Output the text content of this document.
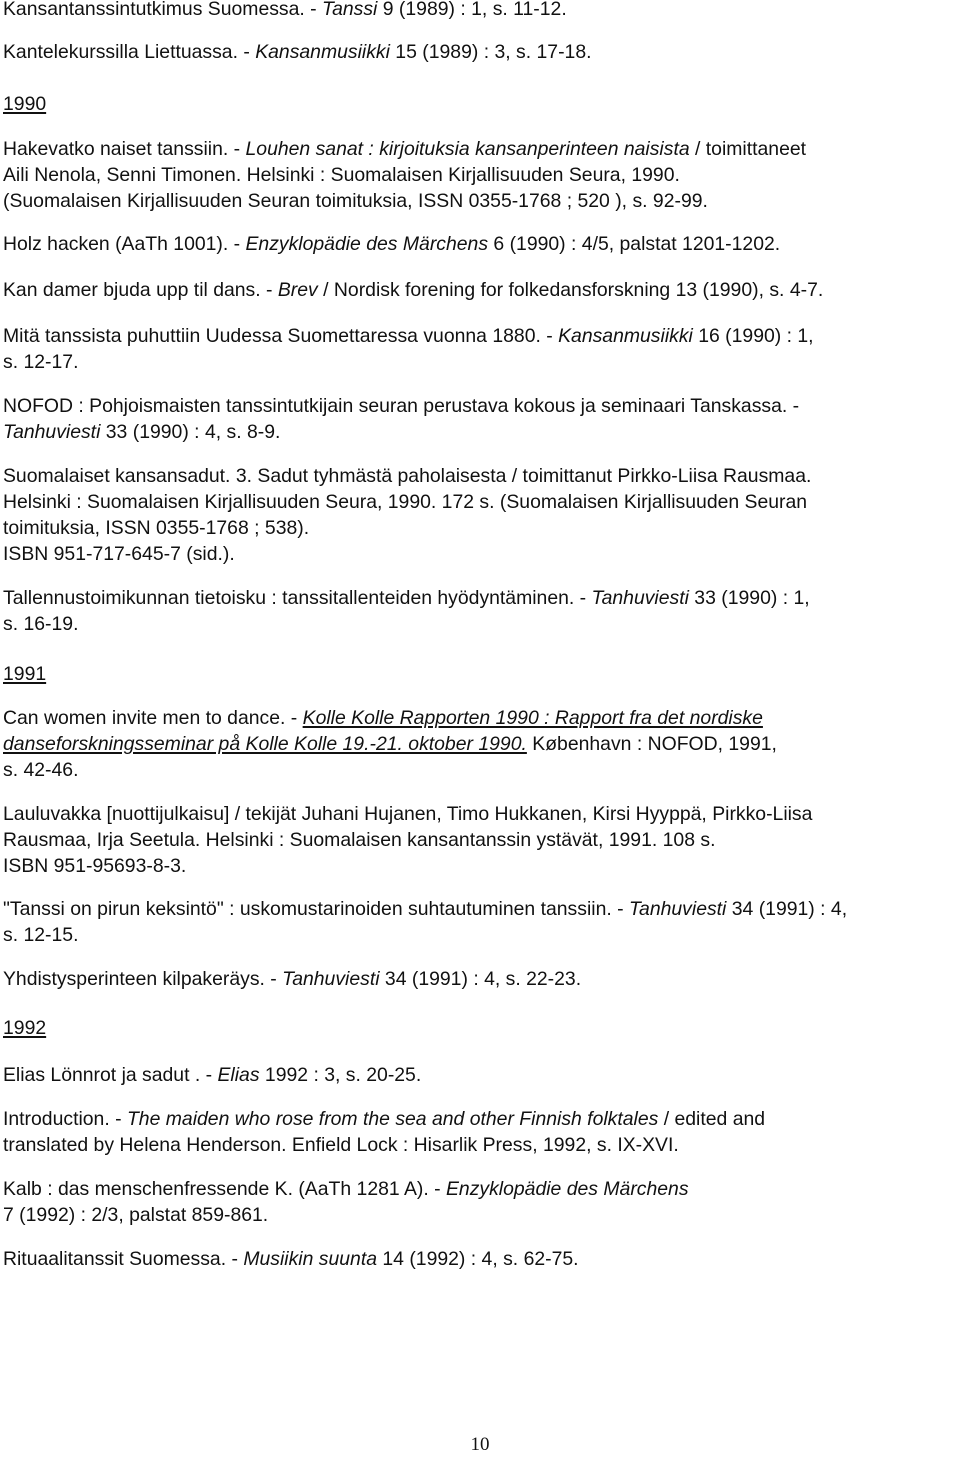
Kansantanssintutkimus Suomessa. - Tanssi 9 (1989) : 1, s. 11-12.

Kantelekurssilla Liettuassa. - Kansanmusiikki 15 (1989) : 3, s. 17-18.

1990

Hakevatko naiset tanssiin. - Louhen sanat : kirjoituksia kansanperinteen naisista / toimittaneet

Aili Nenola, Senni Timonen. Helsinki : Suomalaisen Kirjallisuuden Seura, 1990.

(Suomalaisen Kirjallisuuden Seuran toimituksia, ISSN 0355-1768 ; 520 ), s. 92-99.

Holz hacken (AaTh 1001). - Enzyklopädie des Märchens 6 (1990) : 4/5, palstat 1201-1202.

Kan damer bjuda upp til dans. - Brev / Nordisk forening for folkedansforskning 13 (1990), s. 4-7.

Mitä tanssista puhuttiin Uudessa Suomettaressa vuonna 1880. - Kansanmusiikki 16 (1990) : 1,

s. 12-17.

NOFOD : Pohjoismaisten tanssintutkijain seuran perustava kokous ja seminaari Tanskassa. -

Tanhuviesti 33 (1990) : 4, s. 8-9.

Suomalaiset kansansadut. 3. Sadut tyhmästä paholaisesta / toimittanut Pirkko-Liisa Rausmaa.

Helsinki : Suomalaisen Kirjallisuuden Seura, 1990. 172 s. (Suomalaisen Kirjallisuuden Seuran

toimituksia, ISSN 0355-1768 ; 538).

ISBN 951-717-645-7 (sid.).

Tallennustoimikunnan tietoisku : tanssitallenteiden hyödyntäminen. - Tanhuviesti 33 (1990) : 1,

s. 16-19.

1991

Can women invite men to dance. - Kolle Kolle Rapporten 1990 : Rapport fra det nordiske

danseforskningsseminar på Kolle Kolle 19.-21. oktober 1990. København : NOFOD, 1991,

s. 42-46.

Lauluvakka [nuottijulkaisu] / tekijät Juhani Hujanen, Timo Hukkanen, Kirsi Hyyppä, Pirkko-Liisa

Rausmaa, Irja Seetula. Helsinki : Suomalaisen kansantanssin ystävät, 1991. 108 s.

ISBN 951-95693-8-3.

"Tanssi on pirun keksintö" : uskomustarinoiden suhtautuminen tanssiin. - Tanhuviesti 34 (1991) : 4,

s. 12-15.

Yhdistysperinteen kilpakeräys. - Tanhuviesti 34 (1991) : 4, s. 22-23.

1992

Elias Lönnrot ja sadut . - Elias 1992 : 3, s. 20-25.

Introduction. - The maiden who rose from the sea and other Finnish folktales / edited and

translated by Helena Henderson. Enfield Lock : Hisarlik Press, 1992, s. IX-XVI.

Kalb : das menschenfressende K. (AaTh 1281 A). - Enzyklopädie des Märchens

7 (1992) : 2/3, palstat 859-861.

Rituaalitanssit Suomessa. - Musiikin suunta 14 (1992) : 4, s. 62-75.

10
